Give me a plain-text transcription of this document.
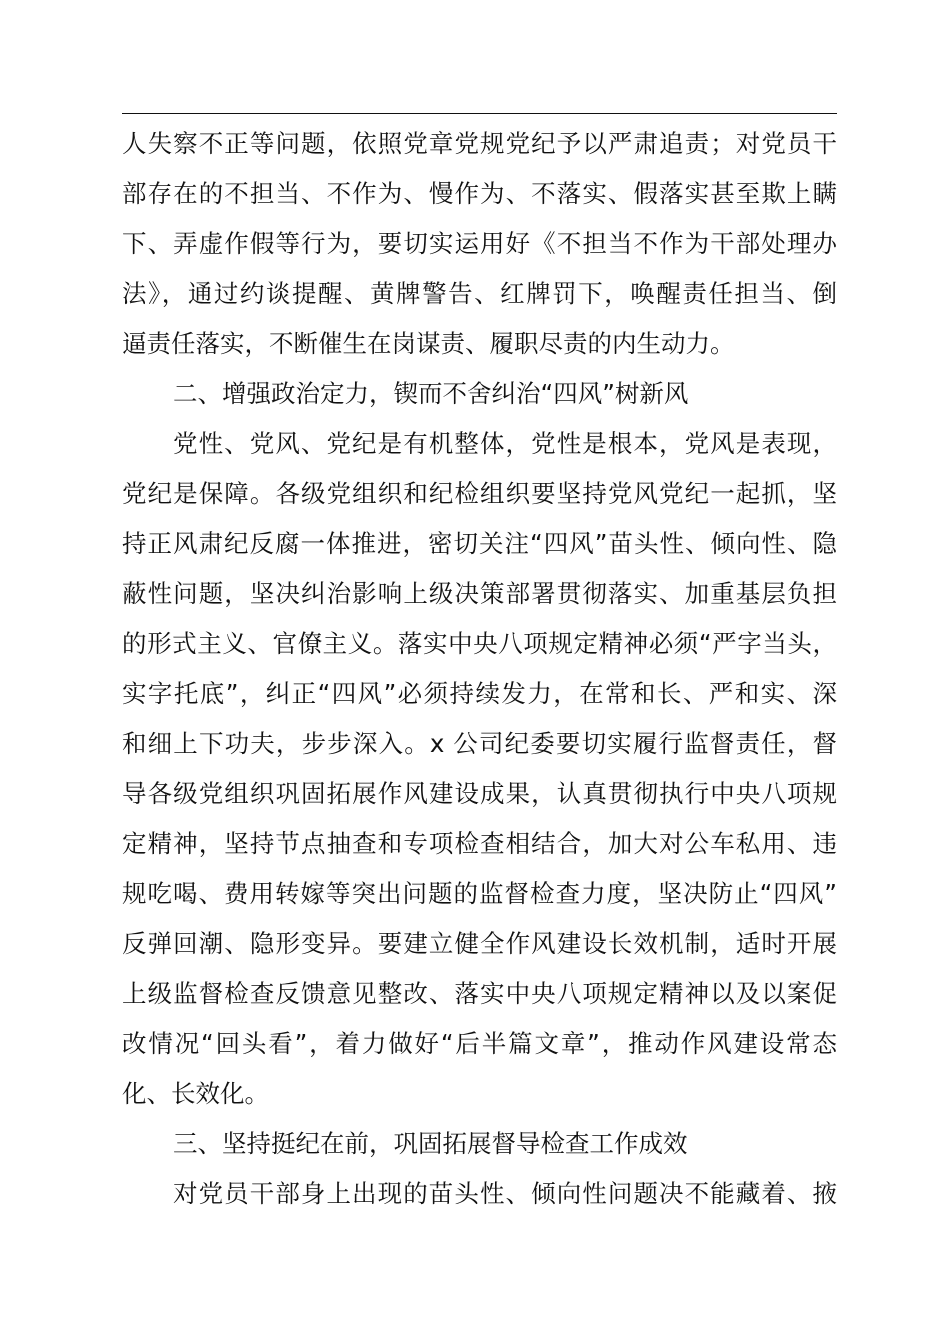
人失察不正等问题，依照党章党规党纪予以严肃追责；对党员干
部存在的不担当、不作为、慢作为、不落实、假落实甚至欺上瞒
下、弄虚作假等行为，要切实运用好《不担当不作为干部处理办
法》，通过约谈提醒、黄牌警告、红牌罚下，唤醒责任担当、倒
逼责任落实，不断催生在岗谋责、履职尽责的内生动力。
二、增强政治定力，锲而不舍纠治“四风”树新风
党性、党风、党纪是有机整体，党性是根本，党风是表现，
党纪是保障。各级党组织和纪检组织要坚持党风党纪一起抓，坚
持正风肃纪反腐一体推进，密切关注“四风”苗头性、倾向性、隐
蔽性问题，坚决纠治影响上级决策部署贯彻落实、加重基层负担
的形式主义、官僚主义。落实中央八项规定精神必须“严字当头，
实字托底”，纠正“四风”必须持续发力，在常和长、严和实、深
和细上下功夫，步步深入。x 公司纪委要切实履行监督责任，督
导各级党组织巩固拓展作风建设成果，认真贯彻执行中央八项规
定精神，坚持节点抽查和专项检查相结合，加大对公车私用、违
规吃喝、费用转嫁等突出问题的监督检查力度，坚决防止“四风”
反弹回潮、隐形变异。要建立健全作风建设长效机制，适时开展
上级监督检查反馈意见整改、落实中央八项规定精神以及以案促
改情况“回头看”，着力做好“后半篇文章”，推动作风建设常态
化、长效化。
三、坚持挺纪在前，巩固拓展督导检查工作成效
对党员干部身上出现的苗头性、倾向性问题决不能藏着、掖
